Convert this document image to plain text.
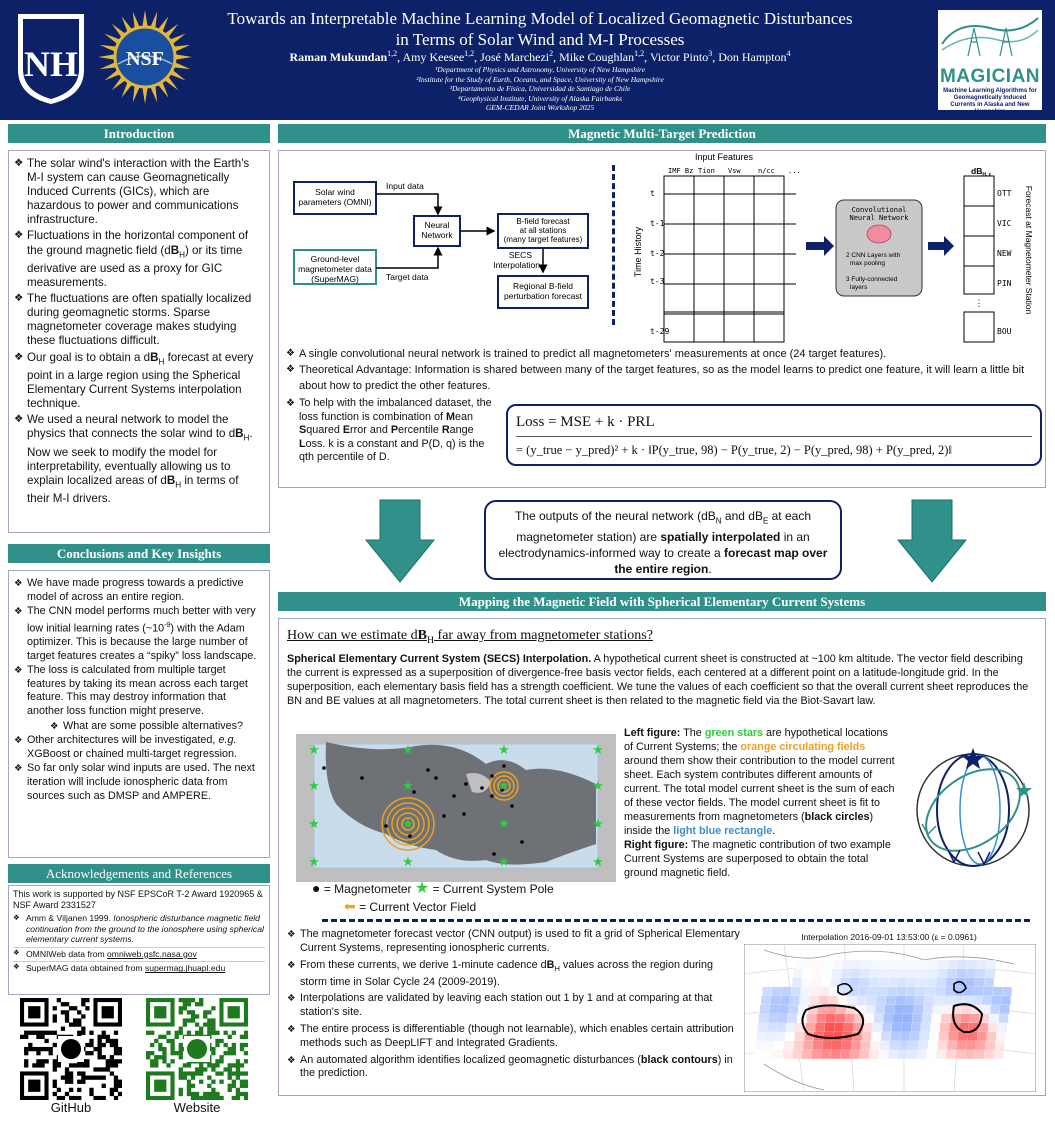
NH NSF
Towards an Interpretable Machine Learning Model of Localized Geomagnetic Disturbances
in Terms of Solar Wind and M-I Processes
Raman Mukundan$^{1,2}$, Amy Keesee$^{1,2}$, José Marchezi$^2$, Mike Coughlan$^{1,2}$, Victor Pinto$^3$, Don Hampton$^4$
¹Department of Physics and Astronomy, University of New Hampshire
²Institute for the Study of Earth, Oceans, and Space, University of New Hampshire
³Departamento de Física, Universidad de Santiago de Chile
⁴Geophysical Institute, University of Alaska Fairbanks
GEM-CEDAR Joint Workshop 2025
MAGICIAN
Machine Learning Algorithms for Geomagnetically Induced Currents in Alaska and New Hampshire
Introduction
❖ The solar wind's interaction with the Earth's M-I system can cause Geomagnetically Induced Currents (GICs), which are hazardous to power and communications infrastructure.
❖ Fluctuations in the horizontal component of the ground magnetic field $(dB_H)$ or its time derivative are used as a proxy for GIC measurements.
❖ The fluctuations are often spatially localized during geomagnetic storms. Sparse magnetometer coverage makes studying these fluctuations difficult.
❖ Our goal is to obtain a $dB_H$ forecast at every point in a large region using the Spherical Elementary Current Systems interpolation technique.
❖ We used a neural network to model the physics that connects the solar wind to $dB_H$. Now we seek to modify the model for interpretability, eventually allowing us to explain localized areas of $dB_H$ in terms of their M-I drivers.
Conclusions and Key Insights
❖ We have made progress towards a predictive model of across an entire region.
❖ The CNN model performs much better with very low initial learning rates $(\sim 10^{-9})$ with the Adam optimizer. This is because the large number of target features creates a “spiky” loss landscape.
❖ The loss is calculated from multiple target features by taking its mean across each target feature. This may destroy information that another loss function might preserve.
❖ What are some possible alternatives?
❖ Other architectures will be investigated, e.g. XGBoost or chained multi-target regression.
❖ So far only solar wind inputs are used. The next iteration will include ionospheric data from sources such as DMSP and AMPERE.
Acknowledgements and References
This work is supported by NSF EPSCoR T-2 Award 1920965 & NSF Award 2331527
❖ Amm & Viljanen 1999. Ionospheric disturbance magnetic field continuation from the ground to the ionosphere using spherical elementary current systems.
❖ OMNIWeb data from omniweb.gsfc.nasa.gov
❖ SuperMAG data obtained from supermag.jhuapl.edu
GitHub	Website
Magnetic Multi-Target Prediction
Solar wind parameters (OMNI)
Ground-level magnetometer data (SuperMAG)
Neural Network
Input data
Target data
B-field forecast at all stations (many target features)
SECS Interpolation
Regional B-field perturbation forecast
Input Features
IMF Bz Tion Vsw n/cc ...
⋮
t
t-1
t-2
t-3
t-29
Time History
Convolutional Neural Network
2 CNN Layers with max pooling
3 Fully-connected layers
$dB_{H, \varepsilon}$
⋮
OTT
VIC
NEW
PIN
BOU
Forecast at Magnetometer Station
❖ A single convolutional neural network is trained to predict all magnetometers' measurements at once (24 target features).
❖ Theoretical Advantage: Information is shared between many of the target features, so as the model learns to predict one feature, it will learn a little bit about how to predict the other features.
❖ To help with the imbalanced dataset, the loss function is combination of Mean Squared Error and Percentile Range Loss. k is a constant and P(D, q) is the qth percentile of D.
Loss = MSE + k · PRL
= (y_true − y_pred)² + k · ‖P(y_true, 98) − P(y_true, 2) − P(y_pred, 98) + P(y_pred, 2)‖
The outputs of the neural network ($dB_N$ and $dB_E$ at each magnetometer station) are spatially interpolated in an electrodynamics-informed way to create a forecast map over the entire region.
Mapping the Magnetic Field with Spherical Elementary Current Systems
How can we estimate $dB_H$ far away from magnetometer stations?
Spherical Elementary Current System (SECS) Interpolation. A hypothetical current sheet is constructed at ~100 km altitude. The vector field describing the current is expressed as a superposition of divergence-free basis vector fields, each centered at a different point on a latitude-longitude grid. In the superposition, each elementary basis field has a strength coefficient. We tune the values of each coefficient so that the overall current sheet reproduces the BN and BE values at all magnetometers. The total current sheet is then related to the magnetic field via the Biot-Savart law.
★
★
★
★
★
★
★
★
★
★
★
★
★	★
★	★
● = Magnetometer ★ = Current System Pole
⬅ = Current Vector Field
Left figure: The green stars are hypothetical locations of Current Systems; the orange circulating fields around them show their contribution to the model current sheet. Each system contributes different amounts of current. The total model current sheet is the sum of each of these vector fields. The model current sheet is fit to measurements from magnetometers (black circles) inside the light blue rectangle.
Right figure: The magnetic contribution of two example Current Systems are superposed to obtain the total ground magnetic field.
❖ The magnetometer forecast vector (CNN output) is used to fit a grid of Spherical Elementary Current Systems, representing ionospheric currents.
❖ From these currents, we derive 1-minute cadence $dB_H$ values across the region during storm time in Solar Cycle 24 (2009-2019).
❖ Interpolations are validated by leaving each station out 1 by 1 and at comparing at that station's site.
❖ The entire process is differentiable (though not learnable), which enables certain attribution methods such as DeepLIFT and Integrated Gradients.
❖ An automated algorithm identifies localized geomagnetic disturbances (black contours) in the prediction.
Interpolation 2016-09-01 13:53:00 (ε = 0.0961)
